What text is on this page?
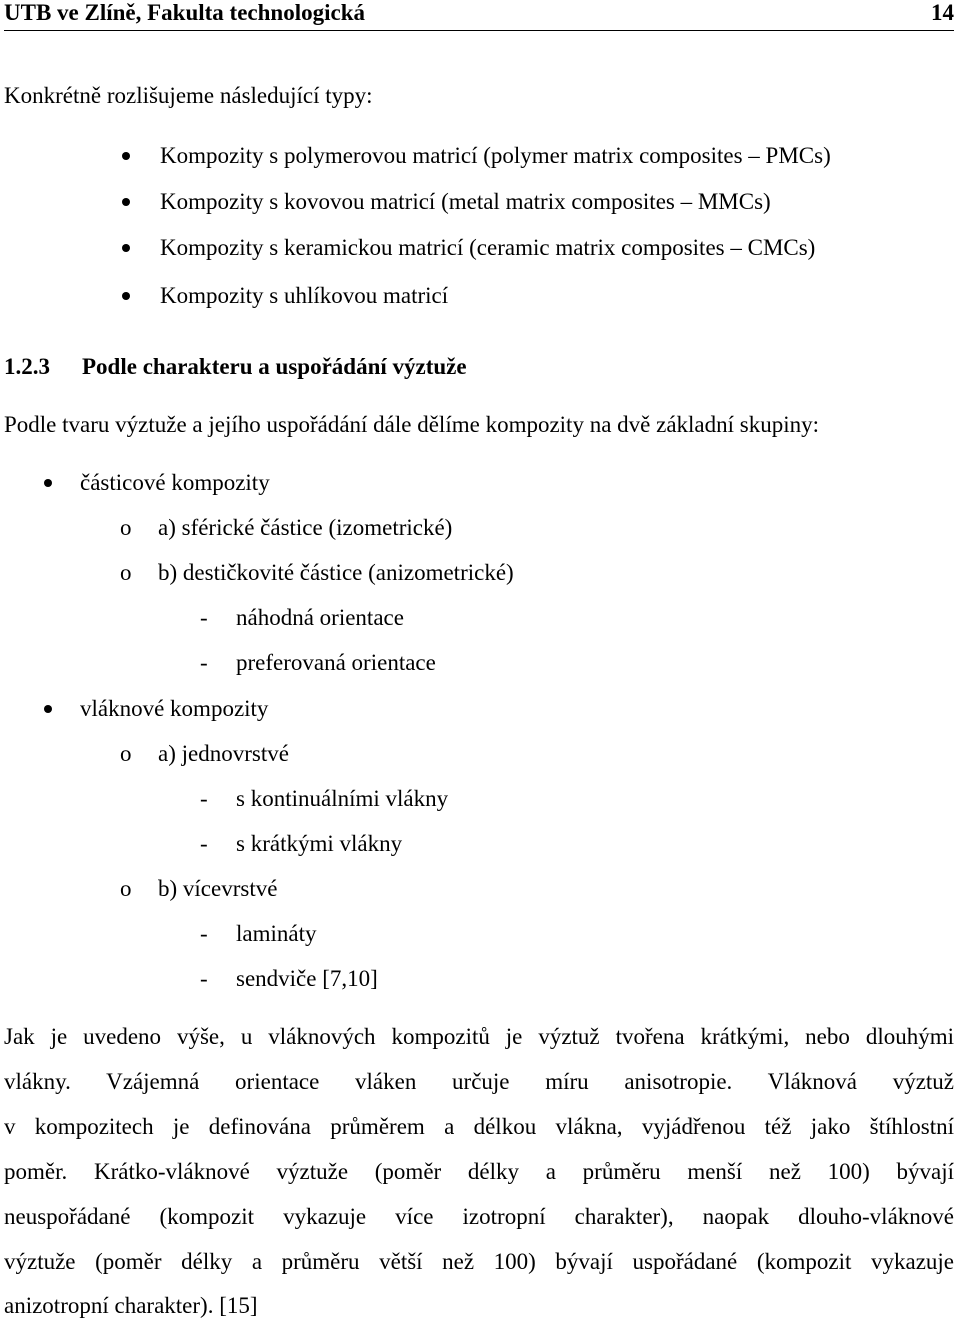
UTB ve Zlíně, Fakulta technologická	14
Konkrétně rozlišujeme následující typy:
Kompozity s polymerovou matricí (polymer matrix composites – PMCs)
Kompozity s kovovou matricí (metal matrix composites – MMCs)
Kompozity s keramickou matricí (ceramic matrix composites – CMCs)
Kompozity s uhlíkovou matricí
1.2.3 Podle charakteru a uspořádání výztuže
Podle tvaru výztuže a jejího uspořádání dále dělíme kompozity na dvě základní skupiny:
částicové kompozity
o a) sférické částice (izometrické)
o b) destičkovité částice (anizometrické)
- náhodná orientace
- preferovaná orientace
vláknové kompozity
o a) jednovrstvé
- s kontinuálními vlákny
- s krátkými vlákny
o b) vícevrstvé
- lamináty
- sendviče [7,10]
Jak je uvedeno výše, u vláknových kompozitů je výztuž tvořena krátkými, nebo dlouhými
vlákny. Vzájemná orientace vláken určuje míru anisotropie. Vláknová výztuž
v kompozitech je definována průměrem a délkou vlákna, vyjádřenou též jako štíhlostní
poměr. Krátko-vláknové výztuže (poměr délky a průměru menší než 100) bývají
neuspořádané (kompozit vykazuje více izotropní charakter), naopak dlouho-vláknové
výztuže (poměr délky a průměru větší než 100) bývají uspořádané (kompozit vykazuje
anizotropní charakter). [15]
